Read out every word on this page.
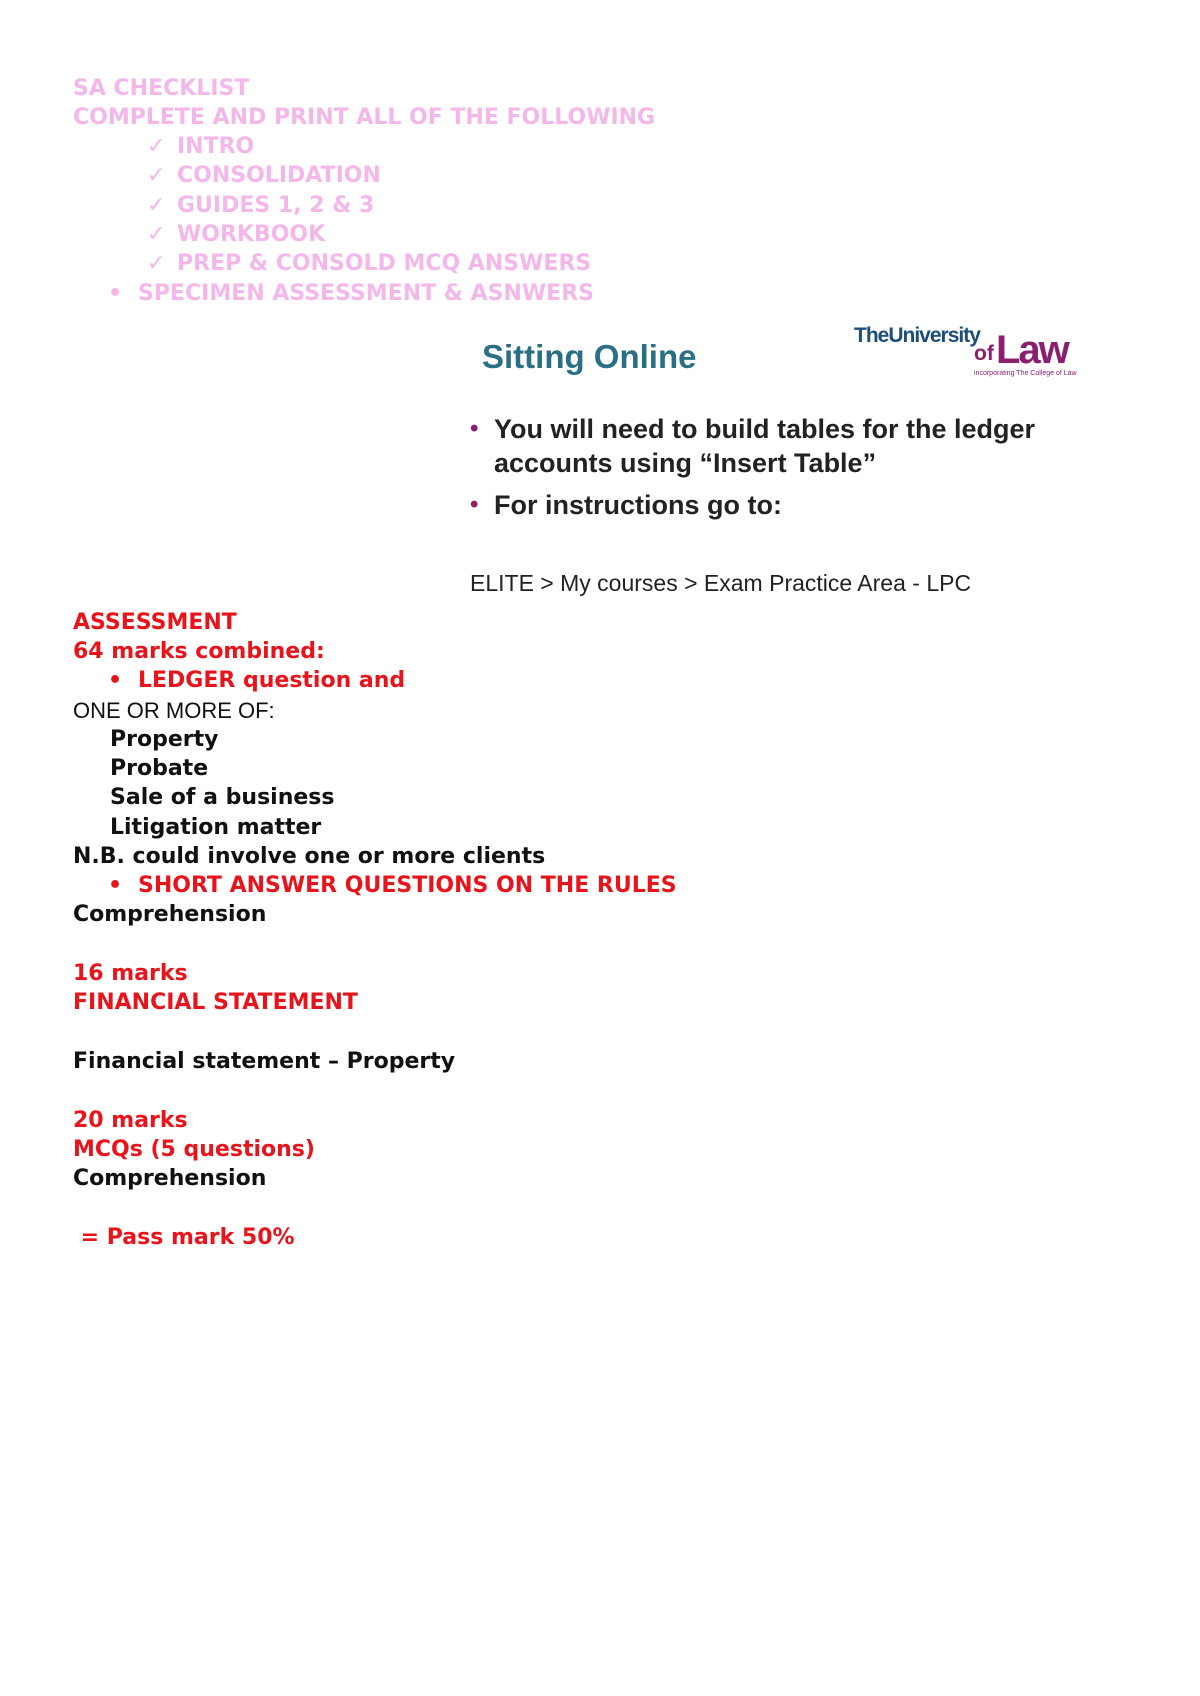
SA CHECKLIST
COMPLETE AND PRINT ALL OF THE FOLLOWING
✓ INTRO
✓ CONSOLIDATION
✓ GUIDES 1, 2 & 3
✓ WORKBOOK
✓ PREP & CONSOLD MCQ ANSWERS
• SPECIMEN ASSESSMENT & ASNWERS
Sitting Online
TheUniversity
of Law
incorporating The College of Law
• You will need to build tables for the ledger accounts using “Insert Table”
• For instructions go to:
ELITE > My courses > Exam Practice Area - LPC
ASSESSMENT
64 marks combined:
• LEDGER question and
ONE OR MORE OF:
Property
Probate
Sale of a business
Litigation matter
N.B. could involve one or more clients
• SHORT ANSWER QUESTIONS ON THE RULES
Comprehension
16 marks
FINANCIAL STATEMENT
Financial statement – Property
20 marks
MCQs (5 questions)
Comprehension
= Pass mark 50%
